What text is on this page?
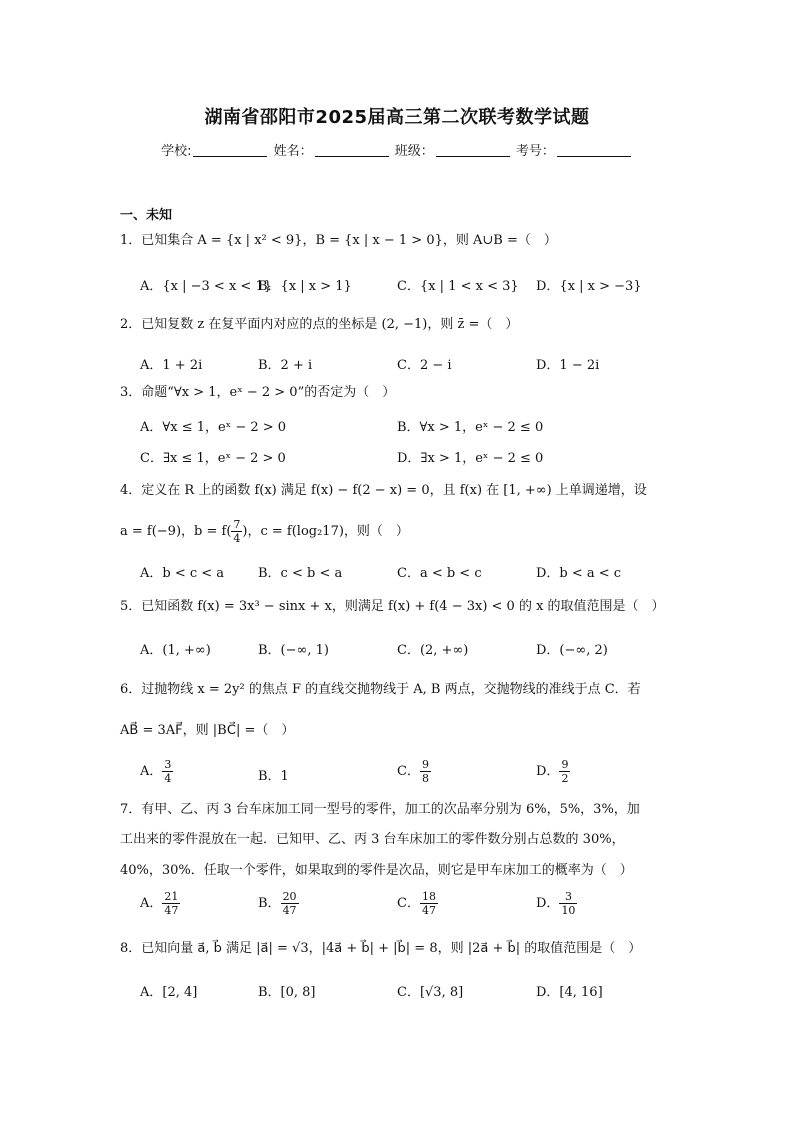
湖南省邵阳市2025届高三第二次联考数学试题
学校:	姓名：	班级：	考号：
一、未知
1．已知集合 A = {x | x² < 9}，B = {x | x − 1 > 0}，则 A∪B =（　）
A．{x | −3 < x < 1}
B．{x | x > 1}	C．{x | 1 < x < 3} D．{x | x > −3}
2．已知复数 z 在复平面内对应的点的坐标是 (2, −1)，则 z̄ =（　）
A．1 + 2i	B．2 + i	C．2 − i	D．1 − 2i
3．命题“∀x > 1，eˣ − 2 > 0”的否定为（　）
A．∀x ≤ 1，eˣ − 2 > 0	B．∀x > 1，eˣ − 2 ≤ 0
C．∃x ≤ 1，eˣ − 2 > 0	D．∃x > 1，eˣ − 2 ≤ 0
4．定义在 R 上的函数 f(x) 满足 f(x) − f(2 − x) = 0，且 f(x) 在 [1, +∞) 上单调递增，设
a = f(−9)，$b = f( \frac{7}{4}$ )，c = f(log₂17)，则（　）
A．b < c < a	B．c < b < a	C．a < b < c	D．b < a < c
5．已知函数 f(x) = 3x³ − sinx + x，则满足 f(x) + f(4 − 3x) < 0 的 x 的取值范围是（　）
A．(1, +∞)	B．(−∞, 1)	C．(2, +∞)	D．(−∞, 2)
6．过抛物线 x = 2y² 的焦点 F 的直线交抛物线于 A, B 两点，交抛物线的准线于点 C．若
AB⃗ = 3AF⃗，则 |BC⃗| =（　）
A． $\frac{3}{4}$	B．1	C． $\frac{9}{8}$	D． $\frac{9}{2}$
7．有甲、乙、丙 3 台车床加工同一型号的零件，加工的次品率分别为 6%，5%，3%，加
工出来的零件混放在一起．已知甲、乙、丙 3 台车床加工的零件数分别占总数的 30%，
40%，30%．任取一个零件，如果取到的零件是次品，则它是甲车床加工的概率为（　）
A． $\frac{21}{47}$	B． $\frac{20}{47}$	C． $\frac{18}{47}$	D． $\frac{3}{10}$
8．已知向量 a⃗, b⃗ 满足 |a⃗| = √3，|4a⃗ + b⃗| + |b⃗| = 8，则 |2a⃗ + b⃗| 的取值范围是（　）
A．[2, 4]	B．[0, 8]	C．[√3, 8]	D．[4, 16]
